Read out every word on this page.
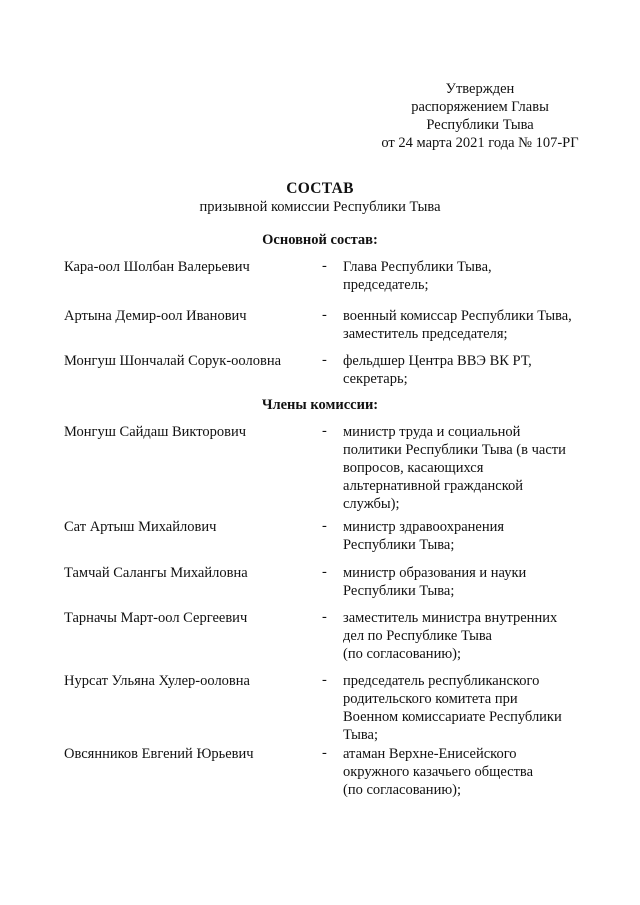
Утвержден
распоряжением Главы
Республики Тыва
от 24 марта 2021 года № 107-РГ
СОСТАВ
призывной комиссии Республики Тыва
Основной состав:
Кара-оол Шолбан Валерьевич	- Глава Республики Тыва,
председатель;
Артына Демир-оол Иванович	- военный комиссар Республики Тыва,
заместитель председателя;
Монгуш Шончалай Сорук-ооловна	- фельдшер Центра ВВЭ ВК РТ,
секретарь;
Члены комиссии:
Монгуш Сайдаш Викторович	- министр труда и социальной
политики Республики Тыва (в части
вопросов, касающихся
альтернативной гражданской
службы);
Сат Артыш Михайлович	- министр здравоохранения
Республики Тыва;
Тамчай Салангы Михайловна	- министр образования и науки
Республики Тыва;
Тарначы Март-оол Сергеевич	- заместитель министра внутренних
дел по Республике Тыва
(по согласованию);
Нурсат Ульяна Хулер-ооловна	- председатель республиканского
родительского комитета при
Военном комиссариате Республики
Тыва;
Овсянников Евгений Юрьевич	- атаман Верхне-Енисейского
окружного казачьего общества
(по согласованию);
